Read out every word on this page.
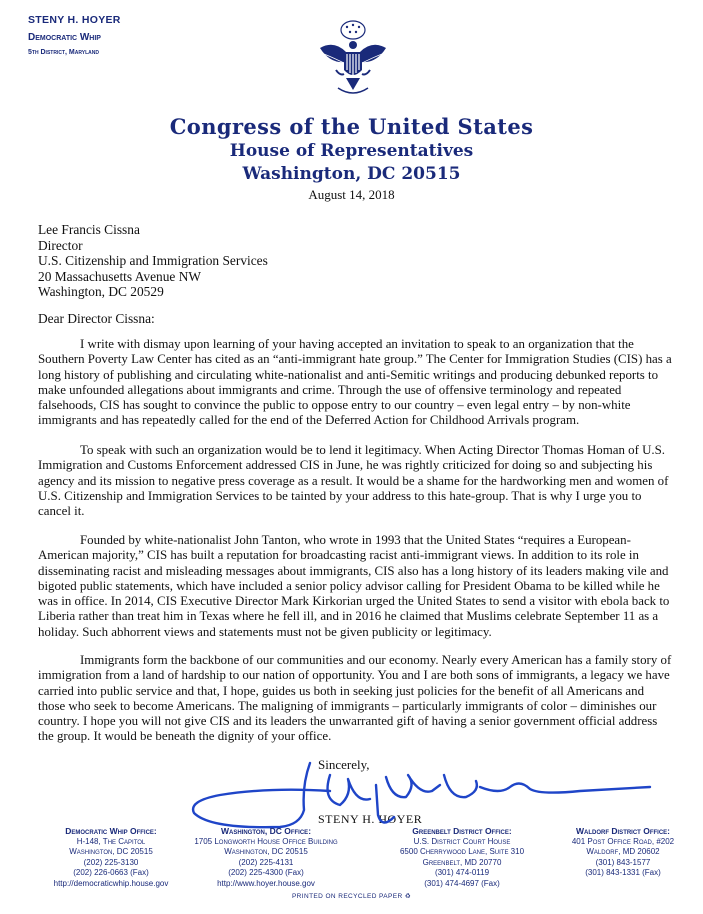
STENY H. HOYER
Democratic Whip
5th District, Maryland
Congress of the United States
House of Representatives
Washington, DC 20515
August 14, 2018
Lee Francis Cissna
Director
U.S. Citizenship and Immigration Services
20 Massachusetts Avenue NW
Washington, DC 20529
Dear Director Cissna:
I write with dismay upon learning of your having accepted an invitation to speak to an organization that the Southern Poverty Law Center has cited as an “anti-immigrant hate group.” The Center for Immigration Studies (CIS) has a long history of publishing and circulating white-nationalist and anti-Semitic writings and producing debunked reports to make unfounded allegations about immigrants and crime. Through the use of offensive terminology and repeated falsehoods, CIS has sought to convince the public to oppose entry to our country – even legal entry – by non-white immigrants and has repeatedly called for the end of the Deferred Action for Childhood Arrivals program.
To speak with such an organization would be to lend it legitimacy. When Acting Director Thomas Homan of U.S. Immigration and Customs Enforcement addressed CIS in June, he was rightly criticized for doing so and subjecting his agency and its mission to negative press coverage as a result. It would be a shame for the hardworking men and women of U.S. Citizenship and Immigration Services to be tainted by your address to this hate-group. That is why I urge you to cancel it.
Founded by white-nationalist John Tanton, who wrote in 1993 that the United States “requires a European-American majority,” CIS has built a reputation for broadcasting racist anti-immigrant views. In addition to its role in disseminating racist and misleading messages about immigrants, CIS also has a long history of its leaders making vile and bigoted public statements, which have included a senior policy advisor calling for President Obama to be killed while he was in office. In 2014, CIS Executive Director Mark Kirkorian urged the United States to send a visitor with ebola back to Liberia rather than treat him in Texas where he fell ill, and in 2016 he claimed that Muslims celebrate September 11 as a holiday. Such abhorrent views and statements must not be given publicity or legitimacy.
Immigrants form the backbone of our communities and our economy. Nearly every American has a family story of immigration from a land of hardship to our nation of opportunity. You and I are both sons of immigrants, a legacy we have carried into public service and that, I hope, guides us both in seeking just policies for the benefit of all Americans and those who seek to become Americans. The maligning of immigrants – particularly immigrants of color – diminishes our country. I hope you will not give CIS and its leaders the unwarranted gift of having a senior government official address the group. It would be beneath the dignity of your office.
Sincerely,
STENY H. HOYER
Democratic Whip Office:
H-148, The Capitol
Washington, DC 20515
(202) 225-3130
(202) 226-0663 (Fax)
http://democraticwhip.house.gov
Washington, DC Office:
1705 Longworth House Office Building
Washington, DC 20515
(202) 225-4131
(202) 225-4300 (Fax)
http://www.hoyer.house.gov
Greenbelt District Office:
U.S. District Court House
6500 Cherrywood Lane, Suite 310
Greenbelt, MD 20770
(301) 474-0119
(301) 474-4697 (Fax)
Waldorf District Office:
401 Post Office Road, #202
Waldorf, MD 20602
(301) 843-1577
(301) 843-1331 (Fax)
PRINTED ON RECYCLED PAPER ♻
